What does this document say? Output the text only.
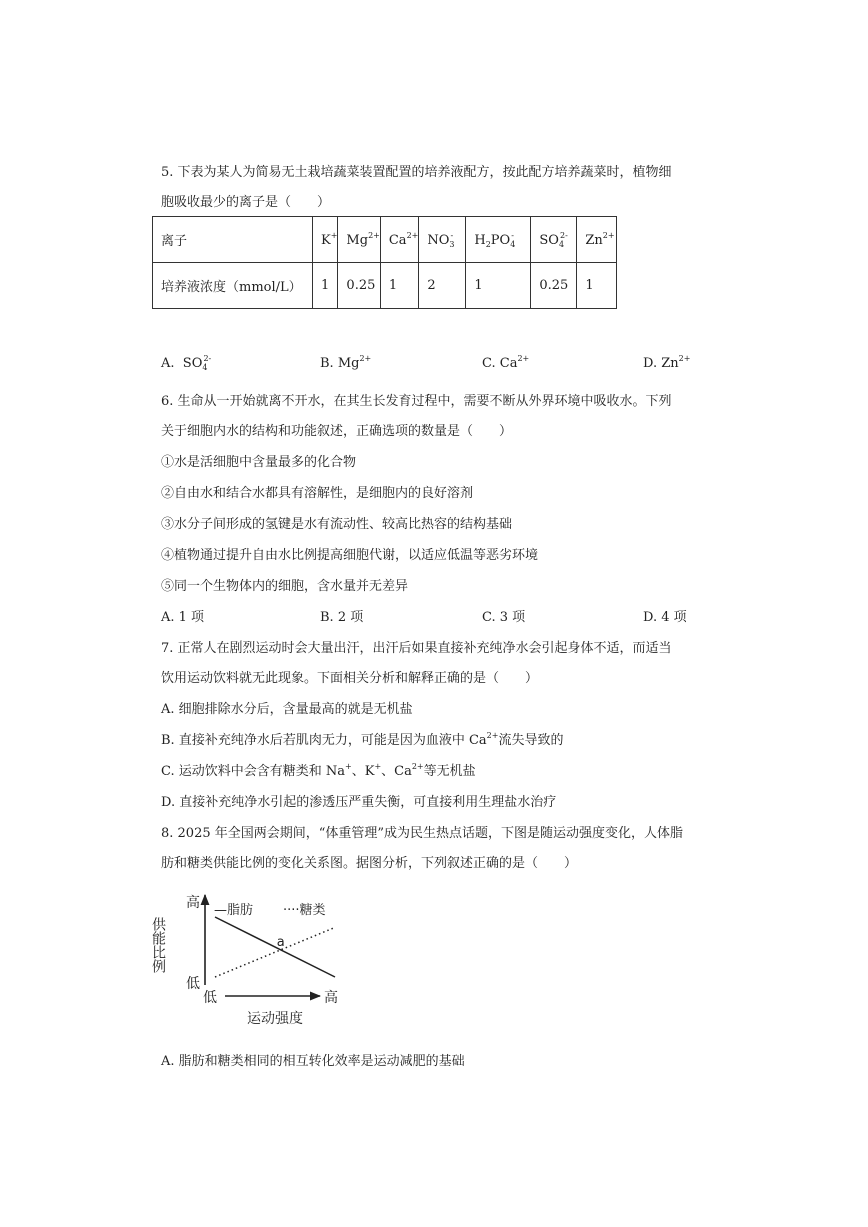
5. 下表为某人为简易无土栽培蔬菜装置配置的培养液配方，按此配方培养蔬菜时，植物细
胞吸收最少的离子是（　　）
离子	K+	$Mg^{2+}$	$Ca^{2+}$	$NO_3^-$	$H_2PO_4^-$	$SO_4^{2-}$	$Zn^{2+}$
培养液浓度（mmol/L）	1	0.25	1	2	1	0.25	1
A. $SO_4^{2-}$	B. $Mg^{2+}$	C. $Ca^{2+}$	D. $Zn^{2+}$
6. 生命从一开始就离不开水，在其生长发育过程中，需要不断从外界环境中吸收水。下列
关于细胞内水的结构和功能叙述，正确选项的数量是（　　）
①水是活细胞中含量最多的化合物
②自由水和结合水都具有溶解性，是细胞内的良好溶剂
③水分子间形成的氢键是水有流动性、较高比热容的结构基础
④植物通过提升自由水比例提高细胞代谢，以适应低温等恶劣环境
⑤同一个生物体内的细胞，含水量并无差异
A. 1 项	B. 2 项	C. 3 项	D. 4 项
7. 正常人在剧烈运动时会大量出汗，出汗后如果直接补充纯净水会引起身体不适，而适当
饮用运动饮料就无此现象。下面相关分析和解释正确的是（　　）
A. 细胞排除水分后，含量最高的就是无机盐
B. 直接补充纯净水后若肌肉无力，可能是因为血液中 $Ca^{2+}$流失导致的
C. 运动饮料中会含有糖类和 Na+、K+、$Ca^{2+}$等无机盐
D. 直接补充纯净水引起的渗透压严重失衡，可直接利用生理盐水治疗
8. 2025 年全国两会期间，“体重管理”成为民生热点话题，下图是随运动强度变化，人体脂
肪和糖类供能比例的变化关系图。据图分析，下列叙述正确的是（　　）
高
低
低	高
运动强度
供能比例
—脂肪 ····糖类
a
A. 脂肪和糖类相同的相互转化效率是运动减肥的基础
